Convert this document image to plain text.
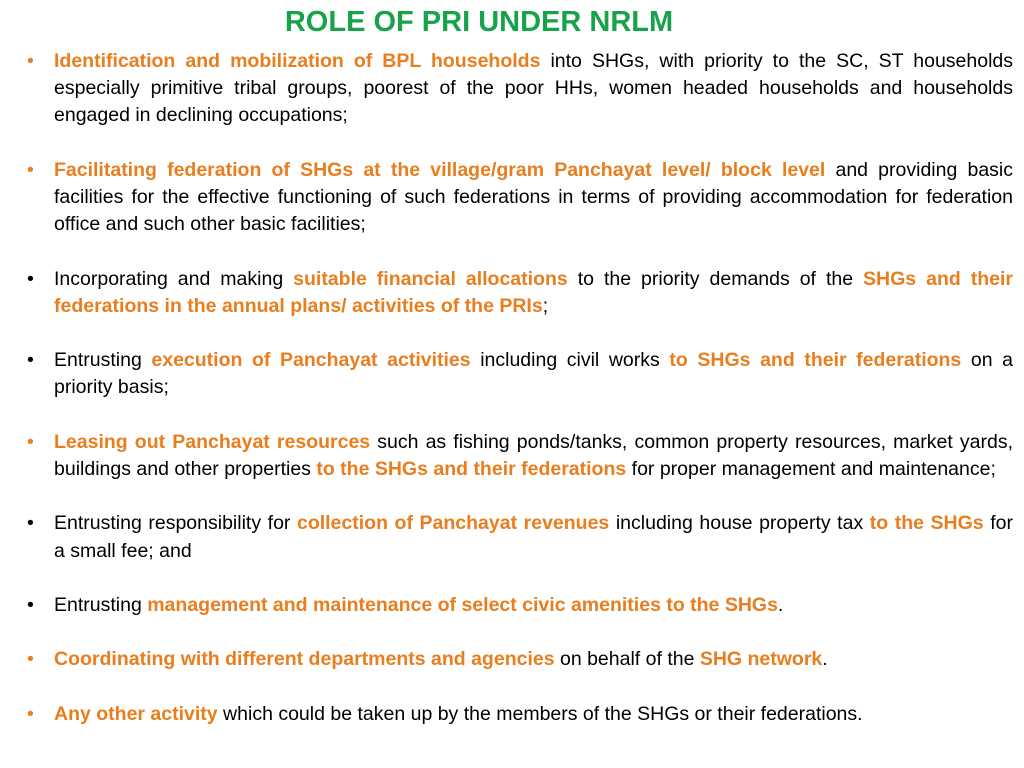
ROLE OF PRI UNDER NRLM
•	Identification and mobilization of BPL households into SHGs, with priority to the SC, ST households especially primitive tribal groups, poorest of the poor HHs, women headed households and households engaged in declining occupations;
•	Facilitating federation of SHGs at the village/gram Panchayat level/ block level and providing basic facilities for the effective functioning of such federations in terms of providing accommodation for federation office and such other basic facilities;
•	Incorporating and making suitable financial allocations to the priority demands of the SHGs and their federations in the annual plans/ activities of the PRIs;
•	Entrusting execution of Panchayat activities including civil works to SHGs and their federations on a priority basis;
•	Leasing out Panchayat resources such as fishing ponds/tanks, common property resources, market yards, buildings and other properties to the SHGs and their federations for proper management and maintenance;
•	Entrusting responsibility for collection of Panchayat revenues including house property tax to the SHGs for a small fee; and
•	Entrusting management and maintenance of select civic amenities to the SHGs.
•	Coordinating with different departments and agencies on behalf of the SHG network.
•	Any other activity which could be taken up by the members of the SHGs or their federations.
